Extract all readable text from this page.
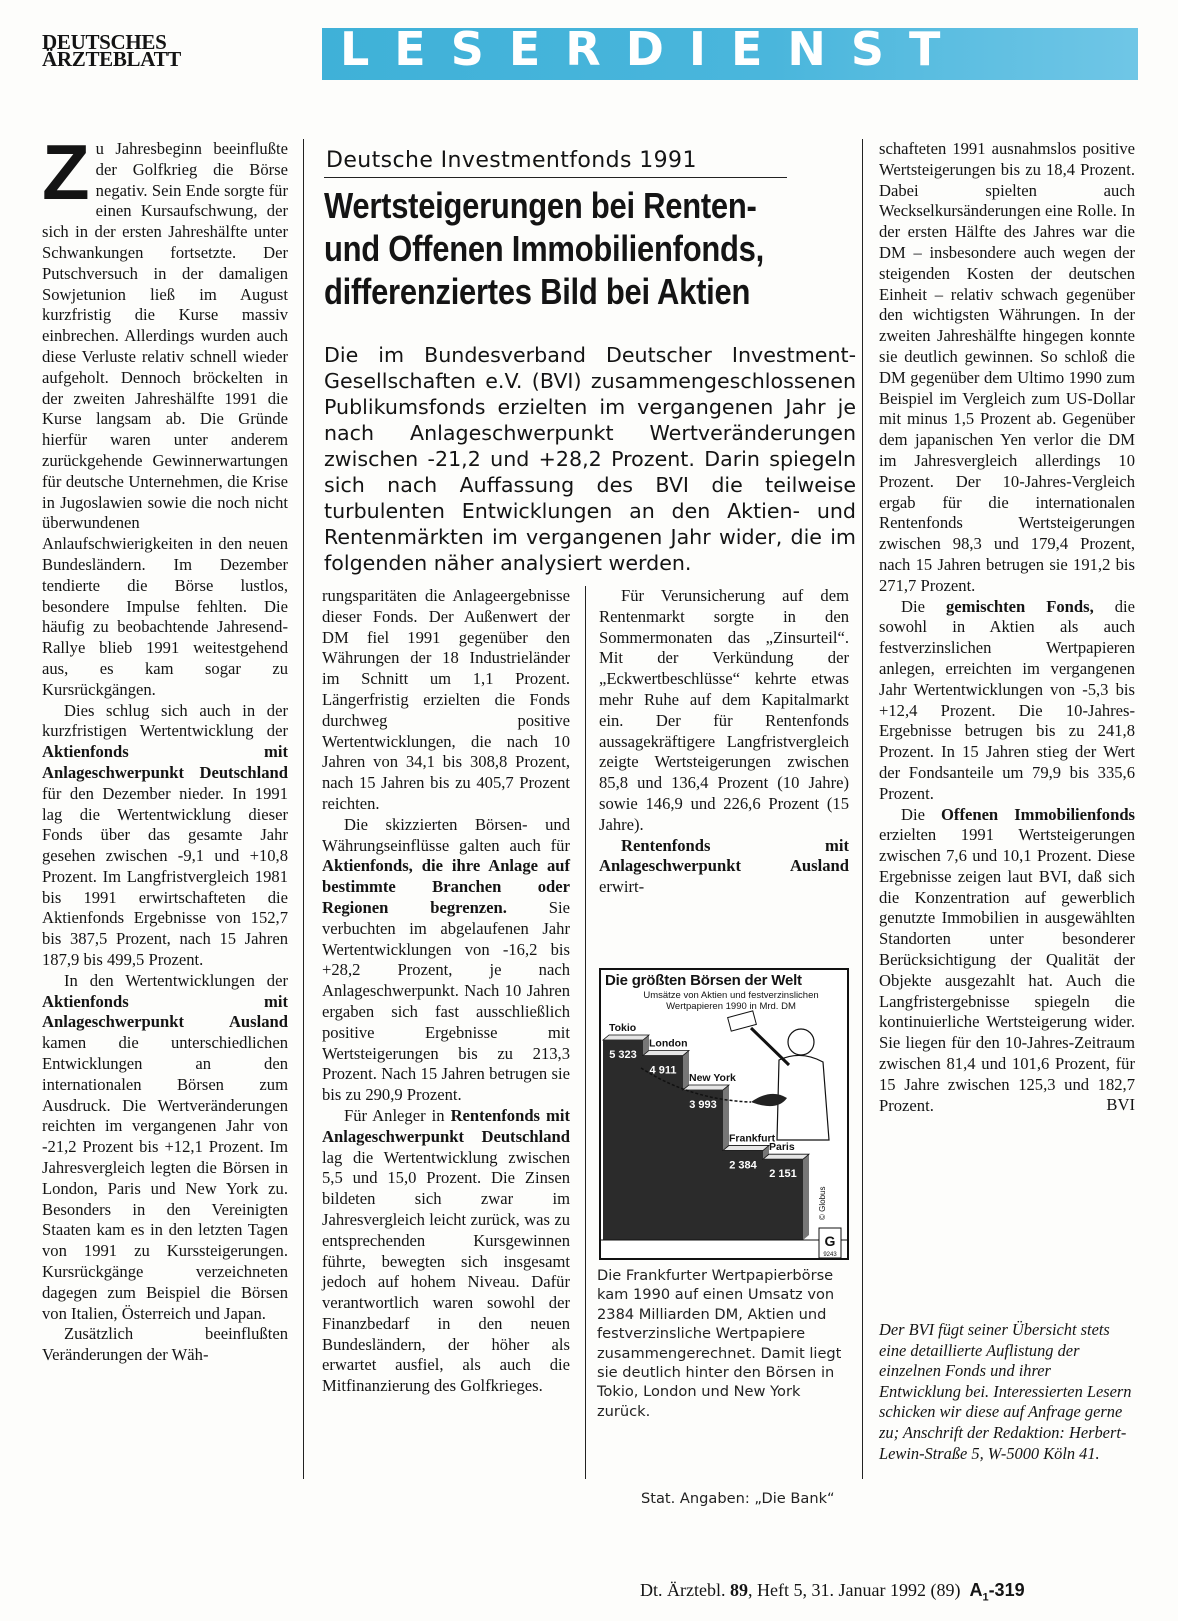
DEUTSCHES
ÄRZTEBLATT	LESERDIENST

Zu Jahresbeginn beeinflußte der Golfkrieg die Börse negativ. Sein Ende sorgte für einen Kursaufschwung, der sich in der ersten Jahreshälfte unter Schwankungen fortsetzte. Der Putschversuch in der damaligen Sowjetunion ließ im August kurzfristig die Kurse massiv einbrechen. Allerdings wurden auch diese Verluste relativ schnell wieder aufgeholt. Dennoch bröckelten in der zweiten Jahreshälfte 1991 die Kurse langsam ab. Die Gründe hierfür waren unter anderem zurückgehende Gewinnerwartungen für deutsche Unternehmen, die Krise in Jugoslawien sowie die noch nicht überwundenen Anlaufschwierigkeiten in den neuen Bundesländern. Im Dezember tendierte die Börse lustlos, besondere Impulse fehlten. Die häufig zu beobachtende Jahresend-Rallye blieb 1991 weitestgehend aus, es kam sogar zu Kursrückgängen.

Dies schlug sich auch in der kurzfristigen Wertentwicklung der Aktienfonds mit Anlageschwerpunkt Deutschland für den Dezember nieder. In 1991 lag die Wertentwicklung dieser Fonds über das gesamte Jahr gesehen zwischen -9,1 und +10,8 Prozent. Im Langfristvergleich 1981 bis 1991 erwirtschafteten die Aktienfonds Ergebnisse von 152,7 bis 387,5 Prozent, nach 15 Jahren 187,9 bis 499,5 Prozent.

In den Wertentwicklungen der Aktienfonds mit Anlageschwerpunkt Ausland kamen die unterschiedlichen Entwicklungen an den internationalen Börsen zum Ausdruck. Die Wertveränderungen reichten im vergangenen Jahr von -21,2 Prozent bis +12,1 Prozent. Im Jahresvergleich legten die Börsen in London, Paris und New York zu. Besonders in den Vereinigten Staaten kam es in den letzten Tagen von 1991 zu Kurssteigerungen. Kursrückgänge verzeichneten dagegen zum Beispiel die Börsen von Italien, Österreich und Japan.

Zusätzlich beeinflußten Veränderungen der Wäh-

Deutsche Investmentfonds 1991
Wertsteigerungen bei Renten- und Offenen Immobilienfonds, differenziertes Bild bei Aktien
Die im Bundesverband Deutscher Investment-Gesellschaften e.V. (BVI) zusammengeschlossenen Publikumsfonds erzielten im vergangenen Jahr je nach Anlageschwerpunkt Wertveränderungen zwischen -21,2 und +28,2 Prozent. Darin spiegeln sich nach Auffassung des BVI die teilweise turbulenten Entwicklungen an den Aktien- und Rentenmärkten im vergangenen Jahr wider, die im folgenden näher analysiert werden.

rungsparitäten die Anlageergebnisse dieser Fonds. Der Außenwert der DM fiel 1991 gegenüber den Währungen der 18 Industrieländer im Schnitt um 1,1 Prozent. Längerfristig erzielten die Fonds durchweg positive Wertentwicklungen, die nach 10 Jahren von 34,1 bis 308,8 Prozent, nach 15 Jahren bis zu 405,7 Prozent reichten.

Die skizzierten Börsen- und Währungseinflüsse galten auch für Aktienfonds, die ihre Anlage auf bestimmte Branchen oder Regionen begrenzen. Sie verbuchten im abgelaufenen Jahr Wertentwicklungen von -16,2 bis +28,2 Prozent, je nach Anlageschwerpunkt. Nach 10 Jahren ergaben sich fast ausschließlich positive Ergebnisse mit Wertsteigerungen bis zu 213,3 Prozent. Nach 15 Jahren betrugen sie bis zu 290,9 Prozent.

Für Anleger in Rentenfonds mit Anlageschwerpunkt Deutschland lag die Wertentwicklung zwischen 5,5 und 15,0 Prozent. Die Zinsen bildeten sich zwar im Jahresvergleich leicht zurück, was zu entsprechenden Kursgewinnen führte, bewegten sich insgesamt jedoch auf hohem Niveau. Dafür verantwortlich waren sowohl der Finanzbedarf in den neuen Bundesländern, der höher als erwartet ausfiel, als auch die Mitfinanzierung des Golfkrieges.

Für Verunsicherung auf dem Rentenmarkt sorgte in den Sommermonaten das „Zinsurteil“. Mit der Verkündung der „Eckwertbeschlüsse“ kehrte etwas mehr Ruhe auf dem Kapitalmarkt ein. Der für Rentenfonds aussagekräftigere Langfristvergleich zeigte Wertsteigerungen zwischen 85,8 und 136,4 Prozent (10 Jahre) sowie 146,9 und 226,6 Prozent (15 Jahre).

Rentenfonds mit Anlageschwerpunkt Ausland erwirt-

Tokio
5 323
London
4 911
New York
3 993
Frankfurt
2 384
Paris
2 151
© Globus
G
9243
Die größten Börsen der Welt
Umsätze von Aktien und festverzinslichen Wertpapieren 1990 in Mrd. DM
Die Frankfurter Wertpapierbörse kam 1990 auf einen Umsatz von 2384 Milliarden DM, Aktien und festverzinsliche Wertpapiere zusammengerechnet. Damit liegt sie deutlich hinter den Börsen in Tokio, London und New York zurück.
Stat. Angaben: „Die Bank“

schafteten 1991 ausnahmslos positive Wertsteigerungen bis zu 18,4 Prozent. Dabei spielten auch Weckselkursänderungen eine Rolle. In der ersten Hälfte des Jahres war die DM – insbesondere auch wegen der steigenden Kosten der deutschen Einheit – relativ schwach gegenüber den wichtigsten Währungen. In der zweiten Jahreshälfte hingegen konnte sie deutlich gewinnen. So schloß die DM gegenüber dem Ultimo 1990 zum Beispiel im Vergleich zum US-Dollar mit minus 1,5 Prozent ab. Gegenüber dem japanischen Yen verlor die DM im Jahresvergleich allerdings 10 Prozent. Der 10-Jahres-Vergleich ergab für die internationalen Rentenfonds Wertsteigerungen zwischen 98,3 und 179,4 Prozent, nach 15 Jahren betrugen sie 191,2 bis 271,7 Prozent.

Die gemischten Fonds, die sowohl in Aktien als auch festverzinslichen Wertpapieren anlegen, erreichten im vergangenen Jahr Wertentwicklungen von -5,3 bis +12,4 Prozent. Die 10-Jahres-Ergebnisse betrugen bis zu 241,8 Prozent. In 15 Jahren stieg der Wert der Fondsanteile um 79,9 bis 335,6 Prozent.

Die Offenen Immobilienfonds erzielten 1991 Wertsteigerungen zwischen 7,6 und 10,1 Prozent. Diese Ergebnisse zeigen laut BVI, daß sich die Konzentration auf gewerblich genutzte Immobilien in ausgewählten Standorten unter besonderer Berücksichtigung der Qualität der Objekte ausgezahlt hat. Auch die Langfristergebnisse spiegeln die kontinuierliche Wertsteigerung wider. Sie liegen für den 10-Jahres-Zeitraum zwischen 81,4 und 101,6 Prozent, für 15 Jahre zwischen 125,3 und 182,7 Prozent.	BVI
Der BVI fügt seiner Übersicht stets eine detaillierte Auflistung der einzelnen Fonds und ihrer Entwicklung bei. Interessierten Lesern schicken wir diese auf Anfrage gerne zu; Anschrift der Redaktion: Herbert-Lewin-Straße 5, W-5000 Köln 41.
Dt. Ärztebl. 89, Heft 5, 31. Januar 1992 (89) $A_1-319$
